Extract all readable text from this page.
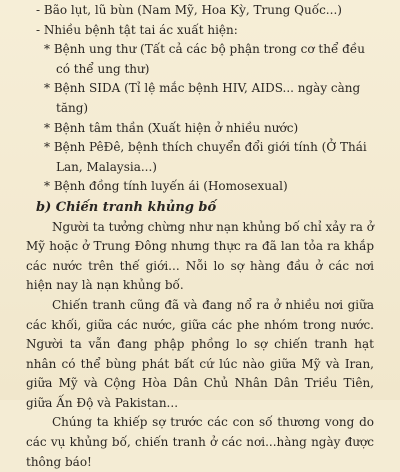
- Bão lụt, lũ bùn (Nam Mỹ, Hoa Kỳ, Trung Quốc...)

- Nhiều bệnh tật tai ác xuất hiện:

* Bệnh ung thư (Tất cả các bộ phận trong cơ thể đều có thể ung thư)

* Bệnh SIDA (Tỉ lệ mắc bệnh HIV, AIDS... ngày càng tăng)

* Bệnh tâm thần (Xuất hiện ở nhiều nước)

* Bệnh PêĐê, bệnh thích chuyển đổi giới tính (Ở Thái Lan, Malaysia...)

* Bệnh đồng tính luyến ái (Homosexual)

b) Chiến tranh khủng bố

Người ta tưởng chừng như nạn khủng bố chỉ xảy ra ở Mỹ hoặc ở Trung Đông nhưng thực ra đã lan tỏa ra khắp các nước trên thế giới... Nỗi lo sợ hàng đầu ở các nơi hiện nay là nạn khủng bố.

Chiến tranh cũng đã và đang nổ ra ở nhiều nơi giữa các khối, giữa các nước, giữa các phe nhóm trong nước. Người ta vẫn đang phập phồng lo sợ chiến tranh hạt nhân có thể bùng phát bất cứ lúc nào giữa Mỹ và Iran, giữa Mỹ và Cộng Hòa Dân Chủ Nhân Dân Triều Tiên, giữa Ấn Độ và Pakistan...

Chúng ta khiếp sợ trước các con số thương vong do các vụ khủng bố, chiến tranh ở các nơi...hàng ngày được thông báo!
